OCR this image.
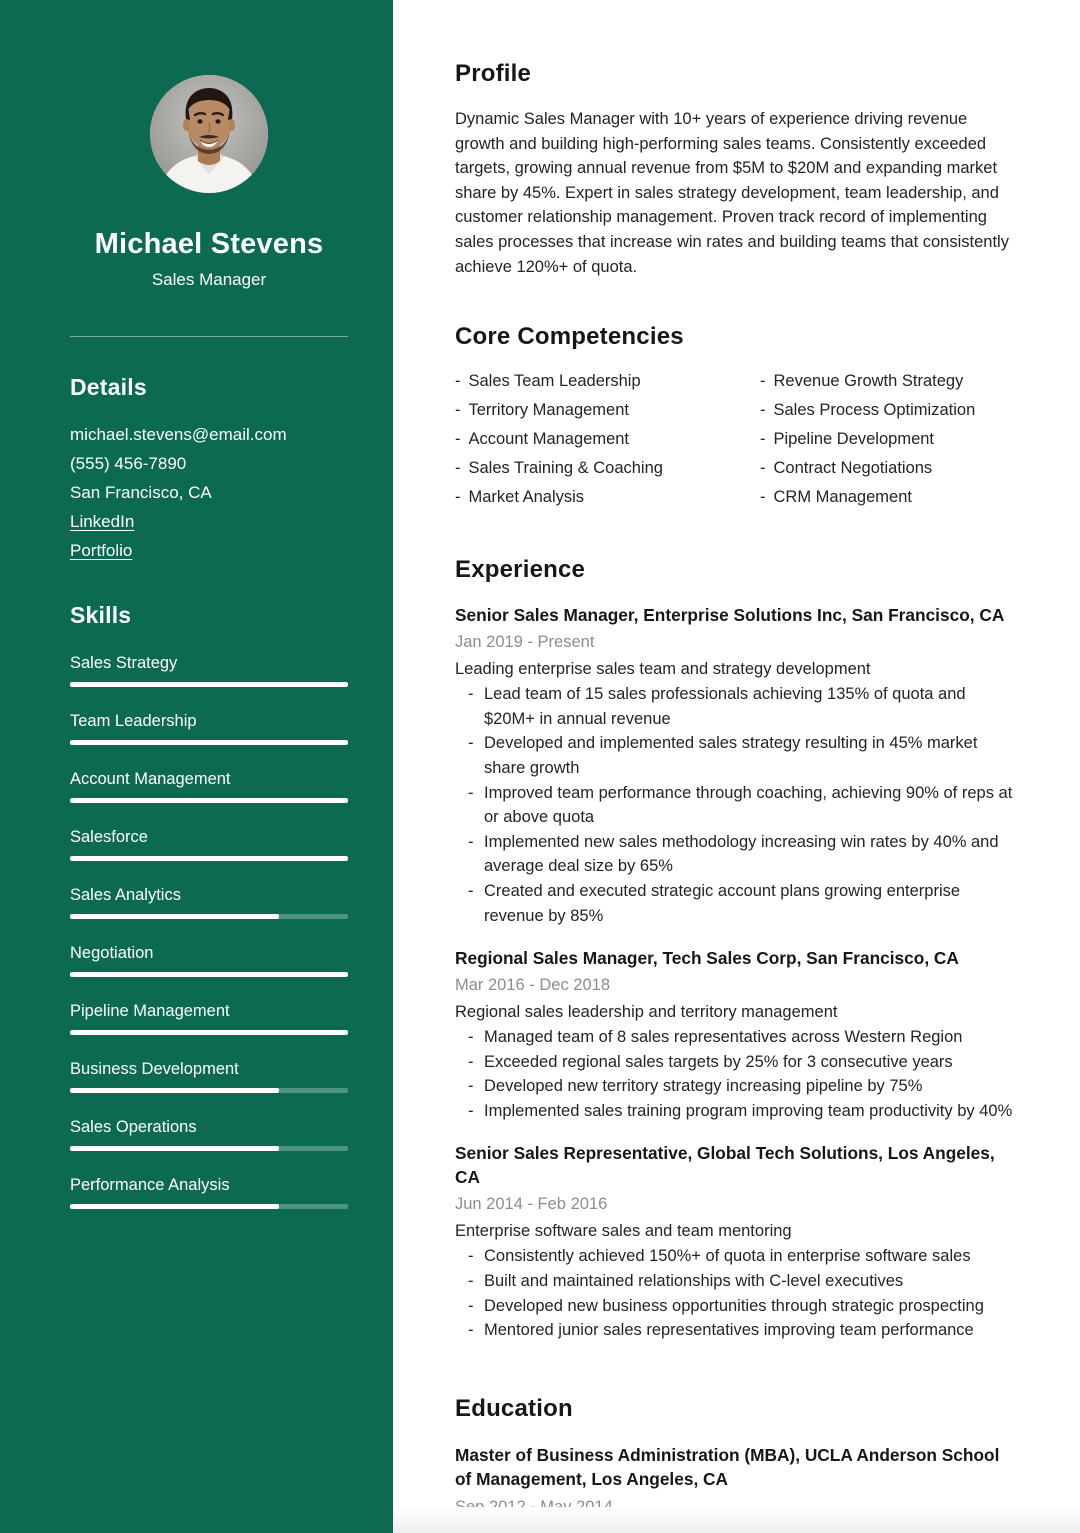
Michael Stevens
Sales Manager
Details
michael.stevens@email.com
(555) 456-7890
San Francisco, CA
LinkedIn
Portfolio
Skills
Sales Strategy
Team Leadership
Account Management
Salesforce
Sales Analytics
Negotiation
Pipeline Management
Business Development
Sales Operations
Performance Analysis
Profile

Dynamic Sales Manager with 10+ years of experience driving revenue growth and building high-performing sales teams. Consistently exceeded targets, growing annual revenue from $5M to $20M and expanding market share by 45%. Expert in sales strategy development, team leadership, and customer relationship management. Proven track record of implementing sales processes that increase win rates and building teams that consistently achieve 120%+ of quota.

Core Competencies
- Sales Team Leadership
- Territory Management
- Account Management
- Sales Training & Coaching
- Market Analysis
- Revenue Growth Strategy
- Sales Process Optimization
- Pipeline Development
- Contract Negotiations
- CRM Management
Experience
Senior Sales Manager, Enterprise Solutions Inc, San Francisco, CA
Jan 2019 - Present
Leading enterprise sales team and strategy development
- Lead team of 15 sales professionals achieving 135% of quota and $20M+ in annual revenue
- Developed and implemented sales strategy resulting in 45% market share growth
- Improved team performance through coaching, achieving 90% of reps at or above quota
- Implemented new sales methodology increasing win rates by 40% and average deal size by 65%
- Created and executed strategic account plans growing enterprise revenue by 85%
Regional Sales Manager, Tech Sales Corp, San Francisco, CA
Mar 2016 - Dec 2018
Regional sales leadership and territory management
- Managed team of 8 sales representatives across Western Region
- Exceeded regional sales targets by 25% for 3 consecutive years
- Developed new territory strategy increasing pipeline by 75%
- Implemented sales training program improving team productivity by 40%
Senior Sales Representative, Global Tech Solutions, Los Angeles, CA
Jun 2014 - Feb 2016
Enterprise software sales and team mentoring
- Consistently achieved 150%+ of quota in enterprise software sales
- Built and maintained relationships with C-level executives
- Developed new business opportunities through strategic prospecting
- Mentored junior sales representatives improving team performance
Education
Master of Business Administration (MBA), UCLA Anderson School of Management, Los Angeles, CA
